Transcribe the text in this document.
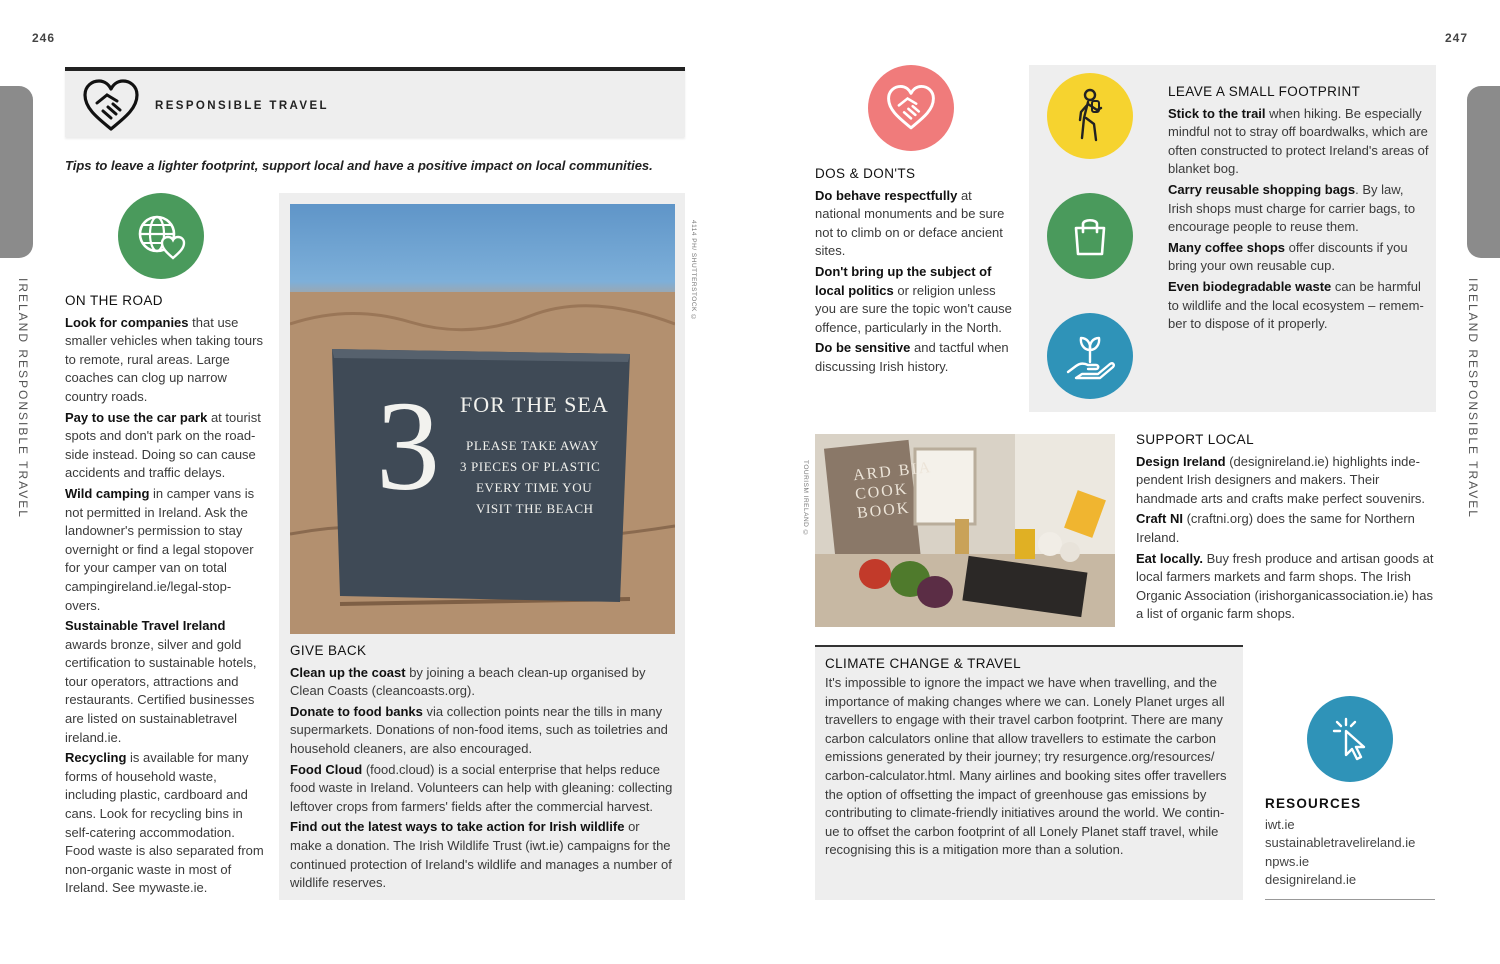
246	247
IRELAND RESPONSIBLE TRAVEL	IRELAND RESPONSIBLE TRAVEL
RESPONSIBLE TRAVEL
Tips to leave a lighter footprint, support local and have a positive impact on local communities.
ON THE ROAD

Look for companies that use smaller vehicles when taking tours to remote, rural areas. Large coaches can clog up narrow country roads.

Pay to use the car park at tourist spots and don't park on the road-side instead. Doing so can cause accidents and traffic delays.

Wild camping in camper vans is not permitted in Ireland. Ask the landowner's permission to stay overnight or find a legal stopover for your camper van on total campingireland.ie/legal-stop-overs.

Sustainable Travel Ireland awards bronze, silver and gold certification to sustainable hotels, tour operators, attractions and restaurants. Certified businesses are listed on sustainabletravel ireland.ie.

Recycling is available for many forms of household waste, including plastic, cardboard and cans. Look for recycling bins in self-catering accommodation. Food waste is also separated from non-organic waste in most of Ireland. See mywaste.ie.

3 FOR THE SEA
PLEASE TAKE AWAY
3 PIECES OF PLASTIC
EVERY TIME YOU
VISIT THE BEACH
4114 PH/ SHUTTERSTOCK ©
GIVE BACK

Clean up the coast by joining a beach clean-up organised by Clean Coasts (cleancoasts.org).

Donate to food banks via collection points near the tills in many supermarkets. Donations of non-food items, such as toiletries and household cleaners, are also encouraged.

Food Cloud (food.cloud) is a social enterprise that helps reduce food waste in Ireland. Volunteers can help with gleaning: collecting leftover crops from farmers' fields after the commercial harvest.

Find out the latest ways to take action for Irish wildlife or make a donation. The Irish Wildlife Trust (iwt.ie) campaigns for the continued protection of Ireland's wildlife and manages a number of wildlife reserves.

DOS & DON'TS

Do behave respectfully at national monuments and be sure not to climb on or deface ancient sites.

Don't bring up the subject of local politics or religion unless you are sure the topic won't cause offence, particularly in the North.

Do be sensitive and tactful when discussing Irish history.

LEAVE A SMALL FOOTPRINT

Stick to the trail when hiking. Be especially mindful not to stray off boardwalks, which are often constructed to protect Ireland's areas of blanket bog.

Carry reusable shopping bags. By law, Irish shops must charge for carrier bags, to encourage people to reuse them.

Many coffee shops offer discounts if you bring your own reusable cup.

Even biodegradable waste can be harmful to wildlife and the local ecosystem – remem-ber to dispose of it properly.

ARD BIA COOK BOOK
TOURISM IRELAND ©
SUPPORT LOCAL

Design Ireland (designireland.ie) highlights inde-pendent Irish designers and makers. Their handmade arts and crafts make perfect souvenirs.

Craft NI (craftni.org) does the same for Northern Ireland.

Eat locally. Buy fresh produce and artisan goods at local farmers markets and farm shops. The Irish Organic Association (irishorganicassociation.ie) has a list of organic farm shops.

CLIMATE CHANGE & TRAVEL

It's impossible to ignore the impact we have when travelling, and the importance of making changes where we can. Lonely Planet urges all travellers to engage with their travel carbon footprint. There are many carbon calculators online that allow travellers to estimate the carbon emissions generated by their journey; try resurgence.org/resources/ carbon-calculator.html. Many airlines and booking sites offer travellers the option of offsetting the impact of greenhouse gas emissions by contributing to climate-friendly initiatives around the world. We contin-ue to offset the carbon footprint of all Lonely Planet staff travel, while recognising this is a mitigation more than a solution.

RESOURCES
iwt.ie
sustainabletravelireland.ie
npws.ie
designireland.ie
